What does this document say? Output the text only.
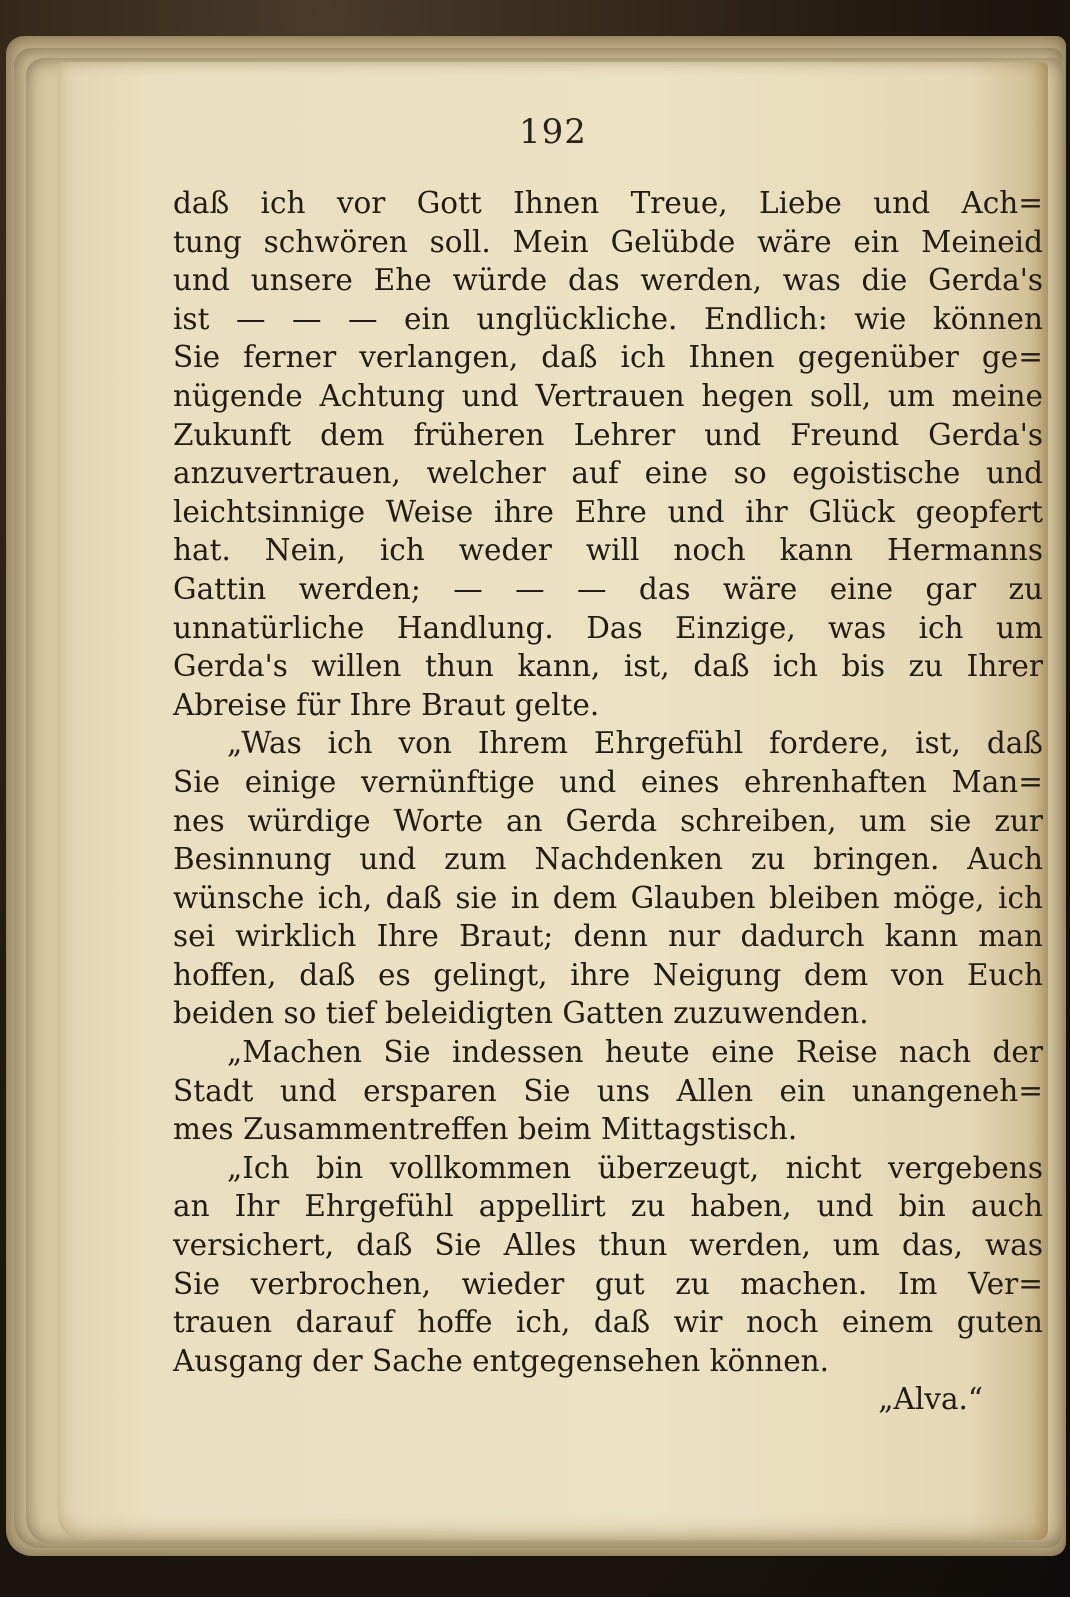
192
daß ich vor Gott Ihnen Treue, Liebe und Ach=
tung schwören soll. Mein Gelübde wäre ein Meineid
und unsere Ehe würde das werden, was die Gerda's
ist — — — ein unglückliche. Endlich: wie können
Sie ferner verlangen, daß ich Ihnen gegenüber ge=
nügende Achtung und Vertrauen hegen soll, um meine
Zukunft dem früheren Lehrer und Freund Gerda's
anzuvertrauen, welcher auf eine so egoistische und
leichtsinnige Weise ihre Ehre und ihr Glück geopfert
hat. Nein, ich weder will noch kann Hermanns
Gattin werden; — — — das wäre eine gar zu
unnatürliche Handlung. Das Einzige, was ich um
Gerda's willen thun kann, ist, daß ich bis zu Ihrer
Abreise für Ihre Braut gelte.
„Was ich von Ihrem Ehrgefühl fordere, ist, daß
Sie einige vernünftige und eines ehrenhaften Man=
nes würdige Worte an Gerda schreiben, um sie zur
Besinnung und zum Nachdenken zu bringen. Auch
wünsche ich, daß sie in dem Glauben bleiben möge, ich
sei wirklich Ihre Braut; denn nur dadurch kann man
hoffen, daß es gelingt, ihre Neigung dem von Euch
beiden so tief beleidigten Gatten zuzuwenden.
„Machen Sie indessen heute eine Reise nach der
Stadt und ersparen Sie uns Allen ein unangeneh=
mes Zusammentreffen beim Mittagstisch.
„Ich bin vollkommen überzeugt, nicht vergebens
an Ihr Ehrgefühl appellirt zu haben, und bin auch
versichert, daß Sie Alles thun werden, um das, was
Sie verbrochen, wieder gut zu machen. Im Ver=
trauen darauf hoffe ich, daß wir noch einem guten
Ausgang der Sache entgegensehen können.
„Alva.“
